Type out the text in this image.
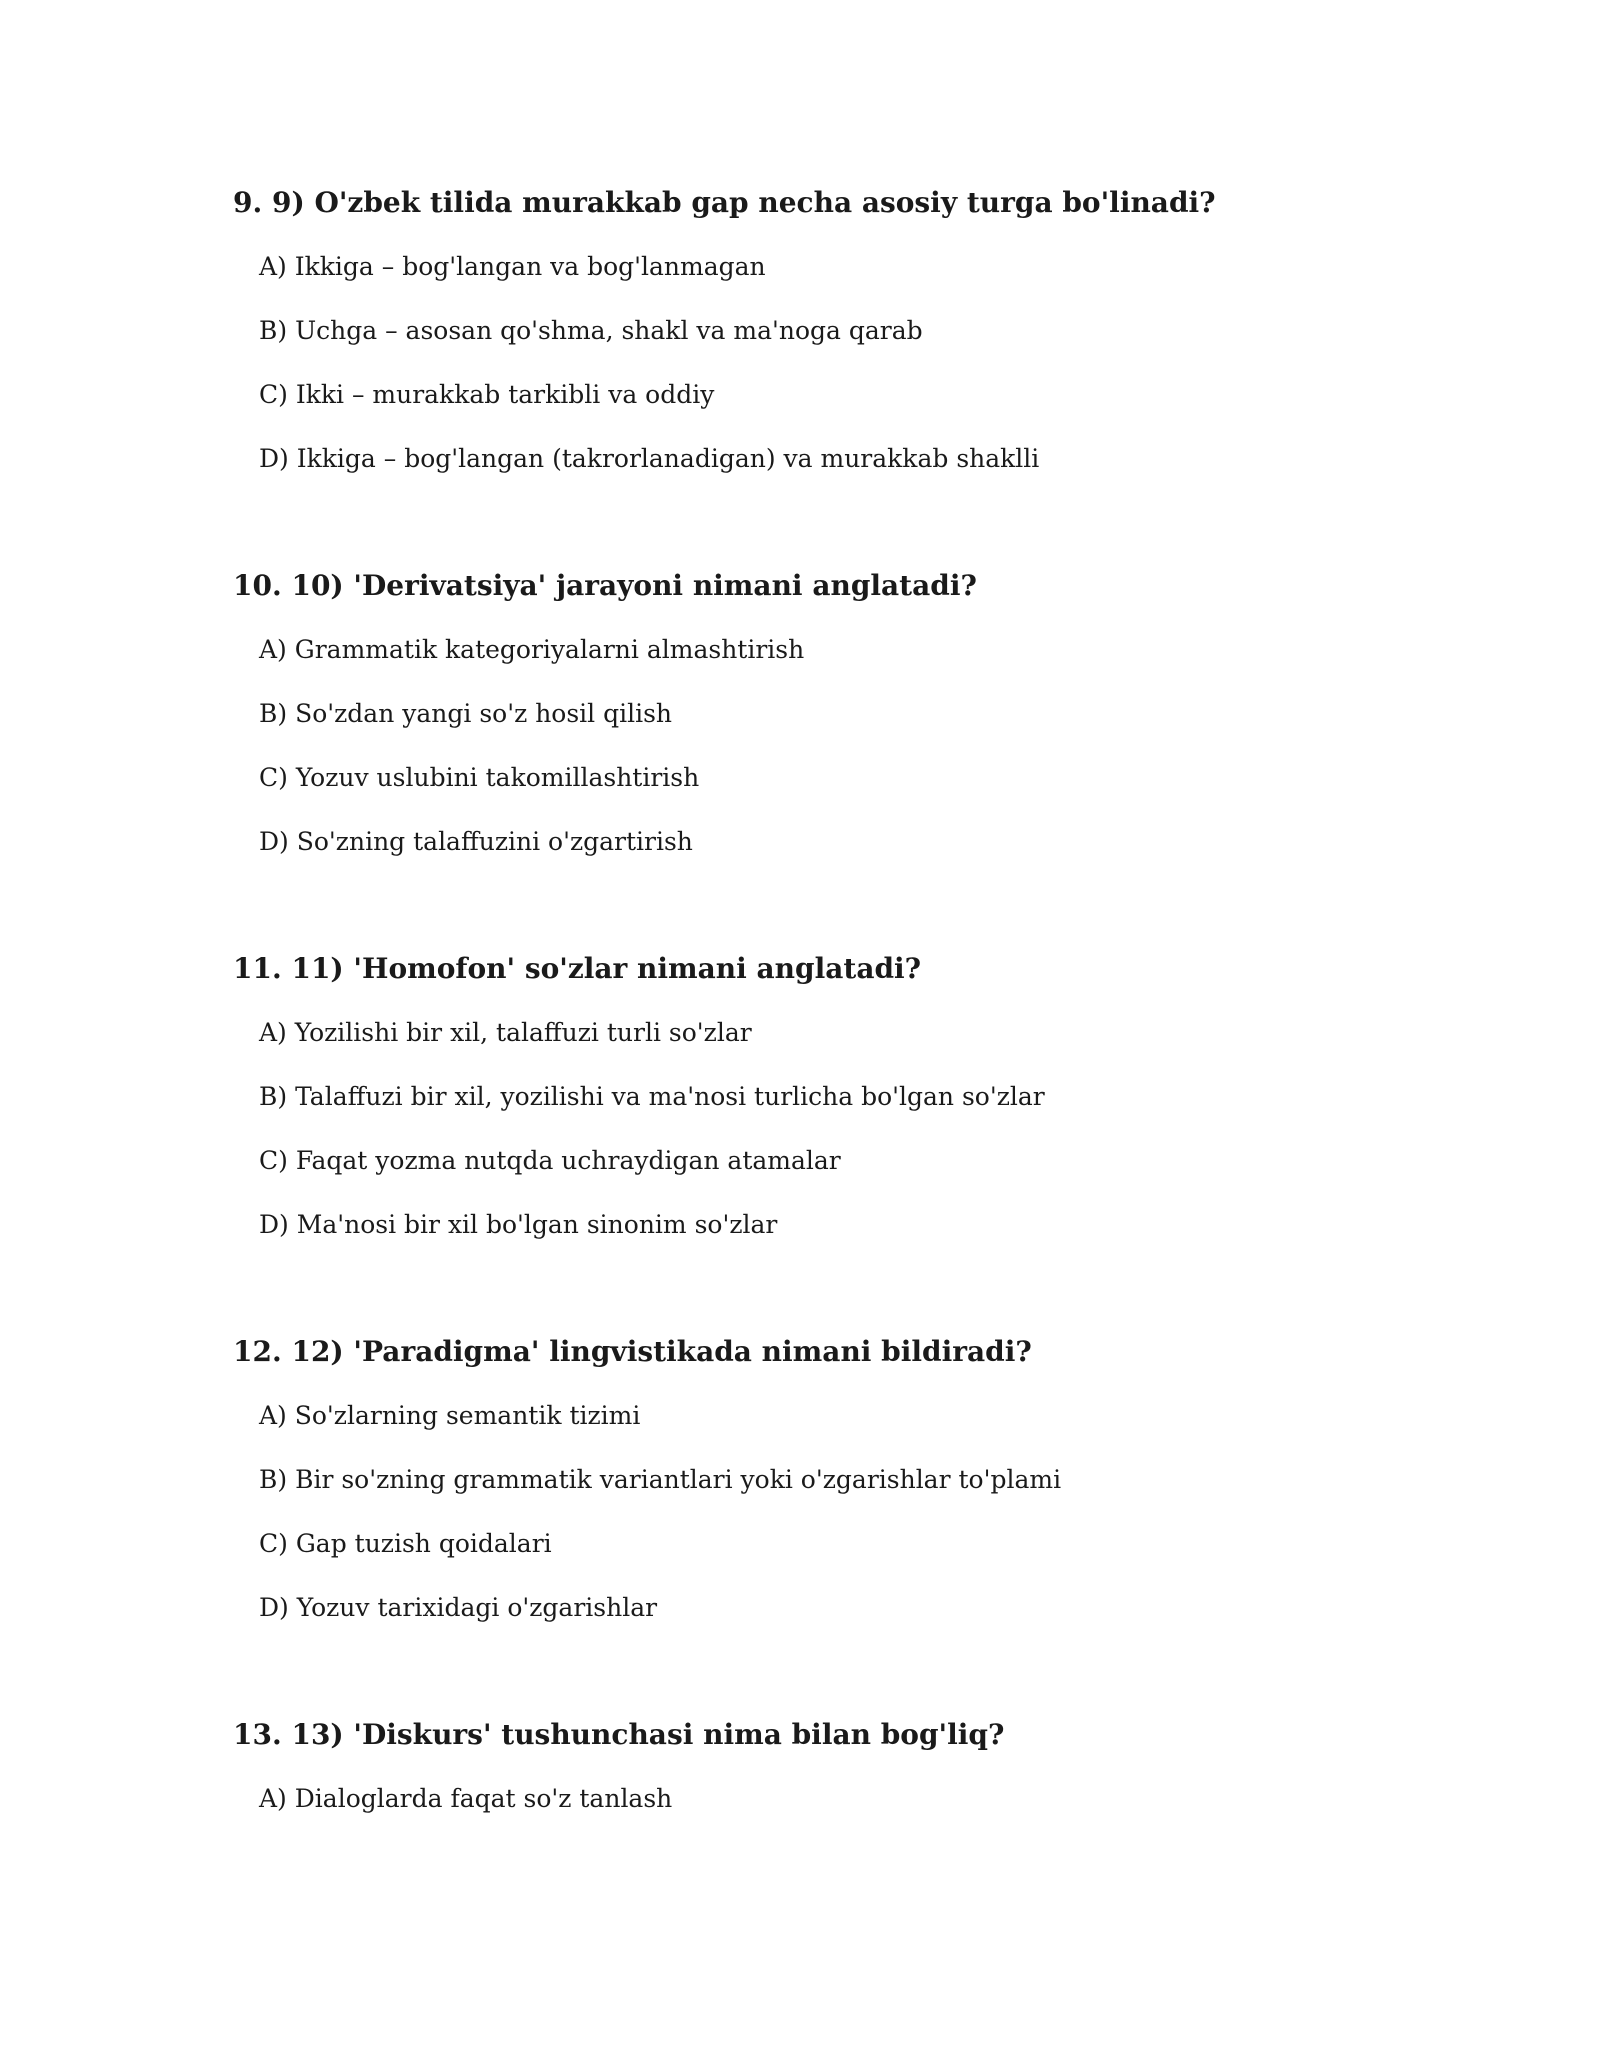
9. 9) O'zbek tilida murakkab gap necha asosiy turga bo'linadi?
A) Ikkiga – bog'langan va bog'lanmagan
B) Uchga – asosan qo'shma, shakl va ma'noga qarab
C) Ikki – murakkab tarkibli va oddiy
D) Ikkiga – bog'langan (takrorlanadigan) va murakkab shaklli
10. 10) 'Derivatsiya' jarayoni nimani anglatadi?
A) Grammatik kategoriyalarni almashtirish
B) So'zdan yangi so'z hosil qilish
C) Yozuv uslubini takomillashtirish
D) So'zning talaffuzini o'zgartirish
11. 11) 'Homofon' so'zlar nimani anglatadi?
A) Yozilishi bir xil, talaffuzi turli so'zlar
B) Talaffuzi bir xil, yozilishi va ma'nosi turlicha bo'lgan so'zlar
C) Faqat yozma nutqda uchraydigan atamalar
D) Ma'nosi bir xil bo'lgan sinonim so'zlar
12. 12) 'Paradigma' lingvistikada nimani bildiradi?
A) So'zlarning semantik tizimi
B) Bir so'zning grammatik variantlari yoki o'zgarishlar to'plami
C) Gap tuzish qoidalari
D) Yozuv tarixidagi o'zgarishlar
13. 13) 'Diskurs' tushunchasi nima bilan bog'liq?
A) Dialoglarda faqat so'z tanlash
